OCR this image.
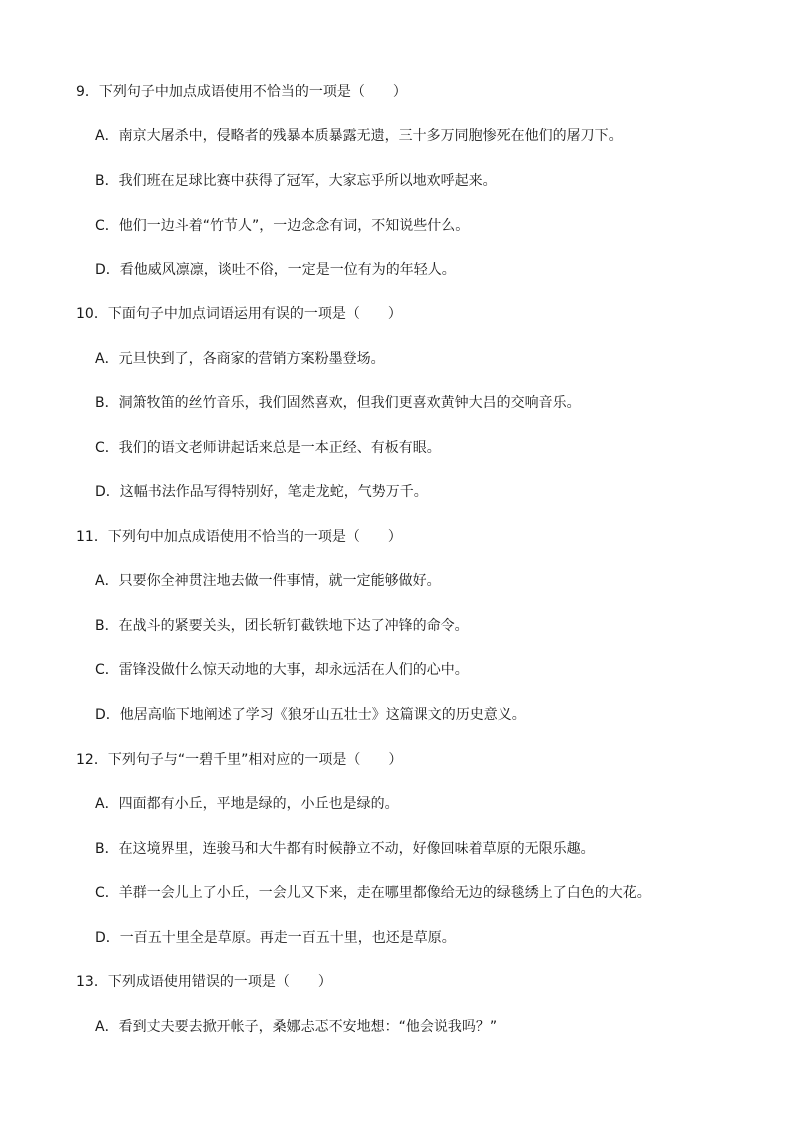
9．下列句子中加点成语使用不恰当的一项是（　　）
A．南京大屠杀中，侵略者的残暴本质暴露无遗，三十多万同胞惨死在他们的屠刀下。
B．我们班在足球比赛中获得了冠军，大家忘乎所以地欢呼起来。
C．他们一边斗着“竹节人”，一边念念有词，不知说些什么。
D．看他威风凛凛，谈吐不俗，一定是一位有为的年轻人。
10．下面句子中加点词语运用有误的一项是（　　）
A．元旦快到了，各商家的营销方案粉墨登场。
B．洞箫牧笛的丝竹音乐，我们固然喜欢，但我们更喜欢黄钟大吕的交响音乐。
C．我们的语文老师讲起话来总是一本正经、有板有眼。
D．这幅书法作品写得特别好，笔走龙蛇，气势万千。
11．下列句中加点成语使用不恰当的一项是（　　）
A．只要你全神贯注地去做一件事情，就一定能够做好。
B．在战斗的紧要关头，团长斩钉截铁地下达了冲锋的命令。
C．雷锋没做什么惊天动地的大事，却永远活在人们的心中。
D．他居高临下地阐述了学习《狼牙山五壮士》这篇课文的历史意义。
12．下列句子与“一碧千里”相对应的一项是（　　）
A．四面都有小丘，平地是绿的，小丘也是绿的。
B．在这境界里，连骏马和大牛都有时候静立不动，好像回味着草原的无限乐趣。
C．羊群一会儿上了小丘，一会儿又下来，走在哪里都像给无边的绿毯绣上了白色的大花。
D．一百五十里全是草原。再走一百五十里，也还是草原。
13．下列成语使用错误的一项是（　　）
A．看到丈夫要去掀开帐子，桑娜忐忑不安地想：“他会说我吗？”
